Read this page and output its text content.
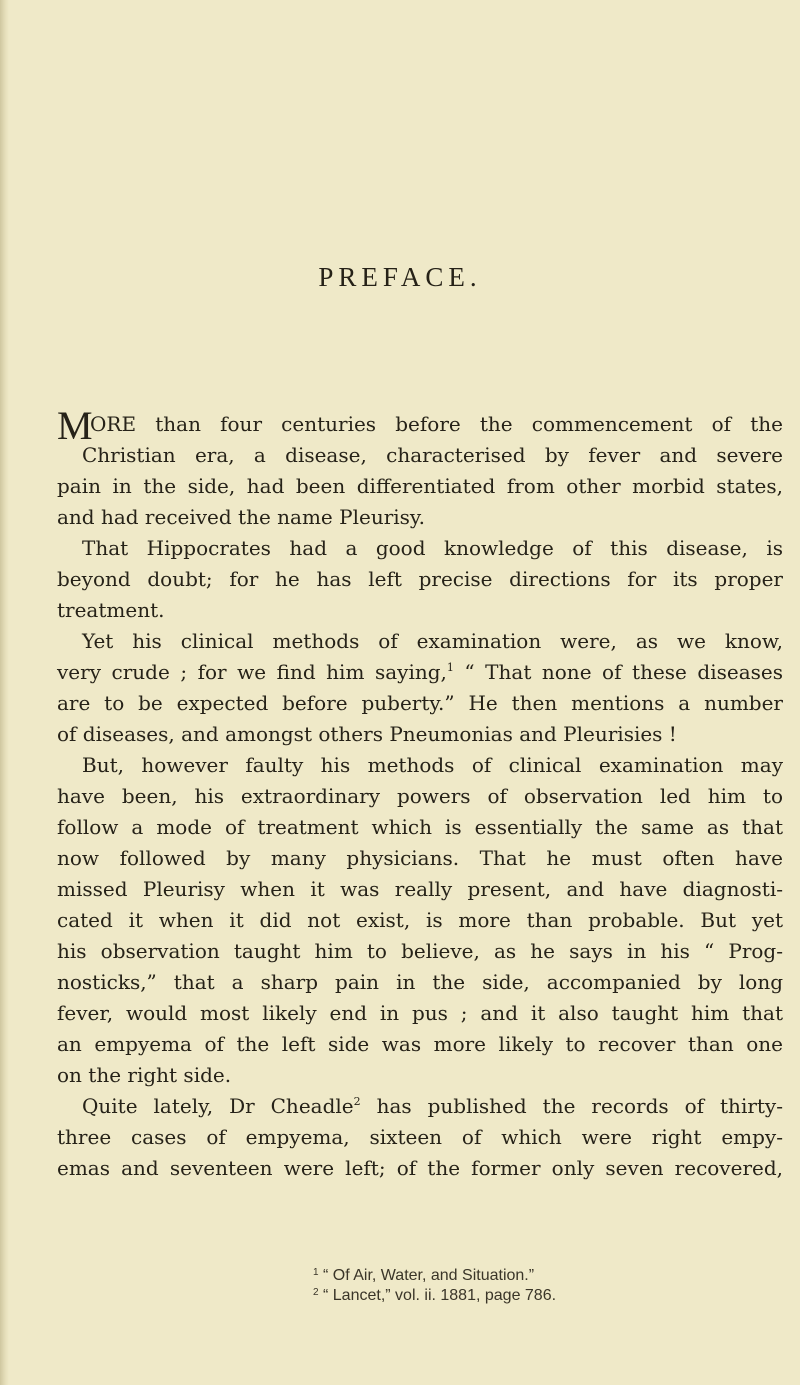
PREFACE.
M
ORE than four centuries before the commencement of the
Christian era, a disease, characterised by fever and severe
pain in the side, had been differentiated from other morbid states,
and had received the name Pleurisy.
That Hippocrates had a good knowledge of this disease, is
beyond doubt; for he has left precise directions for its proper
treatment.
Yet his clinical methods of examination were, as we know,
very crude ; for we find him saying,$^1$ “ That none of these diseases
are to be expected before puberty.” He then mentions a number
of diseases, and amongst others Pneumonias and Pleurisies !
But, however faulty his methods of clinical examination may
have been, his extraordinary powers of observation led him to
follow a mode of treatment which is essentially the same as that
now followed by many physicians. That he must often have
missed Pleurisy when it was really present, and have diagnosti-
cated it when it did not exist, is more than probable. But yet
his observation taught him to believe, as he says in his “ Prog-
nosticks,” that a sharp pain in the side, accompanied by long
fever, would most likely end in pus ; and it also taught him that
an empyema of the left side was more likely to recover than one
on the right side.
Quite lately, Dr Cheadle$^2$ has published the records of thirty-
three cases of empyema, sixteen of which were right empy-
emas and seventeen were left; of the former only seven recovered,
$^1$ “ Of Air, Water, and Situation.”
$^2$ “ Lancet,” vol. ii. 1881, page 786.
